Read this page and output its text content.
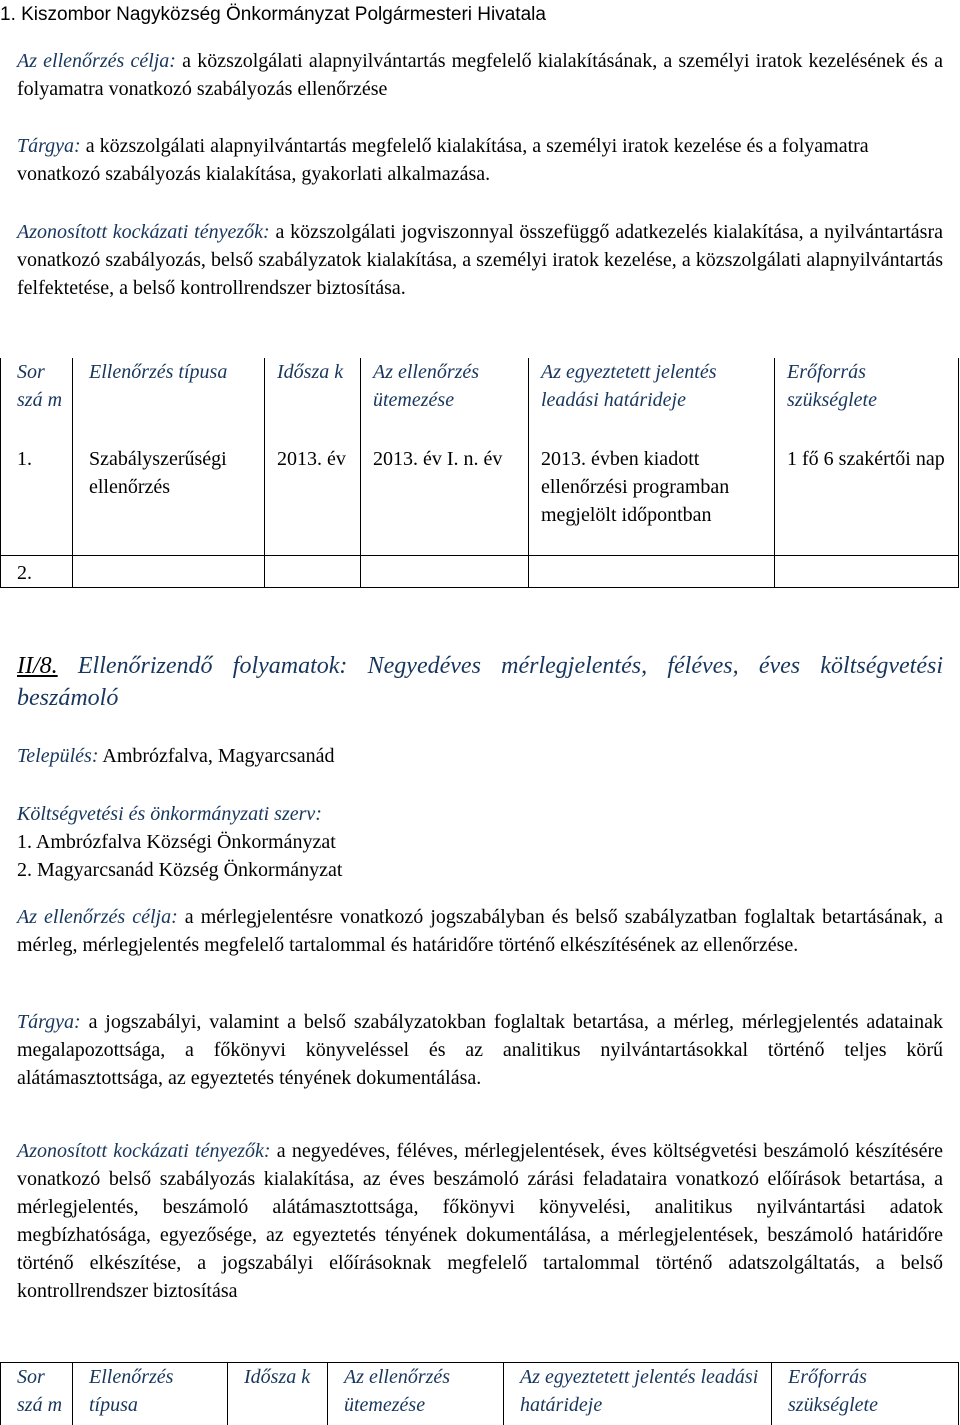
1. Kiszombor Nagyközség Önkormányzat Polgármesteri Hivatala

Az ellenőrzés célja: a közszolgálati alapnyilvántartás megfelelő kialakításának, a személyi iratok kezelésének és a folyamatra vonatkozó szabályozás ellenőrzése

Tárgya: a közszolgálati alapnyilvántartás megfelelő kialakítása, a személyi iratok kezelése és a folyamatra vonatkozó szabályozás kialakítása, gyakorlati alkalmazása.

Azonosított kockázati tényezők: a közszolgálati jogviszonnyal összefüggő adatkezelés kialakítása, a nyilvántartásra vonatkozó szabályozás, belső szabályzatok kialakítása, a személyi iratok kezelése, a közszolgálati alapnyilvántartás felfektetése, a belső kontrollrendszer biztosítása.

Sor szá m	Ellenőrzés típusa	Idősza k	Az ellenőrzés ütemezése	Az egyeztetett jelentés leadási határideje	Erőforrás szükséglete
1.	Szabályszerűségi ellenőrzés	2013. év	2013. év I. n. év	2013. évben kiadott ellenőrzési programban megjelölt időpontban	1 fő 6 szakértői nap
2.					

II/8. Ellenőrizendő folyamatok: Negyedéves mérlegjelentés, féléves, éves költségvetési beszámoló

Település: Ambrózfalva, Magyarcsanád

Költségvetési és önkormányzati szerv:
1. Ambrózfalva Községi Önkormányzat
2. Magyarcsanád Község Önkormányzat

Az ellenőrzés célja: a mérlegjelentésre vonatkozó jogszabályban és belső szabályzatban foglaltak betartásának, a mérleg, mérlegjelentés megfelelő tartalommal és határidőre történő elkészítésének az ellenőrzése.

Tárgya: a jogszabályi, valamint a belső szabályzatokban foglaltak betartása, a mérleg, mérlegjelentés adatainak megalapozottsága, a főkönyvi könyveléssel és az analitikus nyilvántartásokkal történő teljes körű alátámasztottsága, az egyeztetés tényének dokumentálása.

Azonosított kockázati tényezők: a negyedéves, féléves, mérlegjelentések, éves költségvetési beszámoló készítésére vonatkozó belső szabályozás kialakítása, az éves beszámoló zárási feladataira vonatkozó előírások betartása, a mérlegjelentés, beszámoló alátámasztottsága, főkönyvi könyvelési, analitikus nyilvántartási adatok megbízhatósága, egyezősége, az egyeztetés tényének dokumentálása, a mérlegjelentések, beszámoló határidőre történő elkészítése, a jogszabályi előírásoknak megfelelő tartalommal történő adatszolgáltatás, a belső kontrollrendszer biztosítása

Sor szá m	Ellenőrzés típusa	Idősza k	Az ellenőrzés ütemezése	Az egyeztetett jelentés leadási határideje	Erőforrás szükséglete
